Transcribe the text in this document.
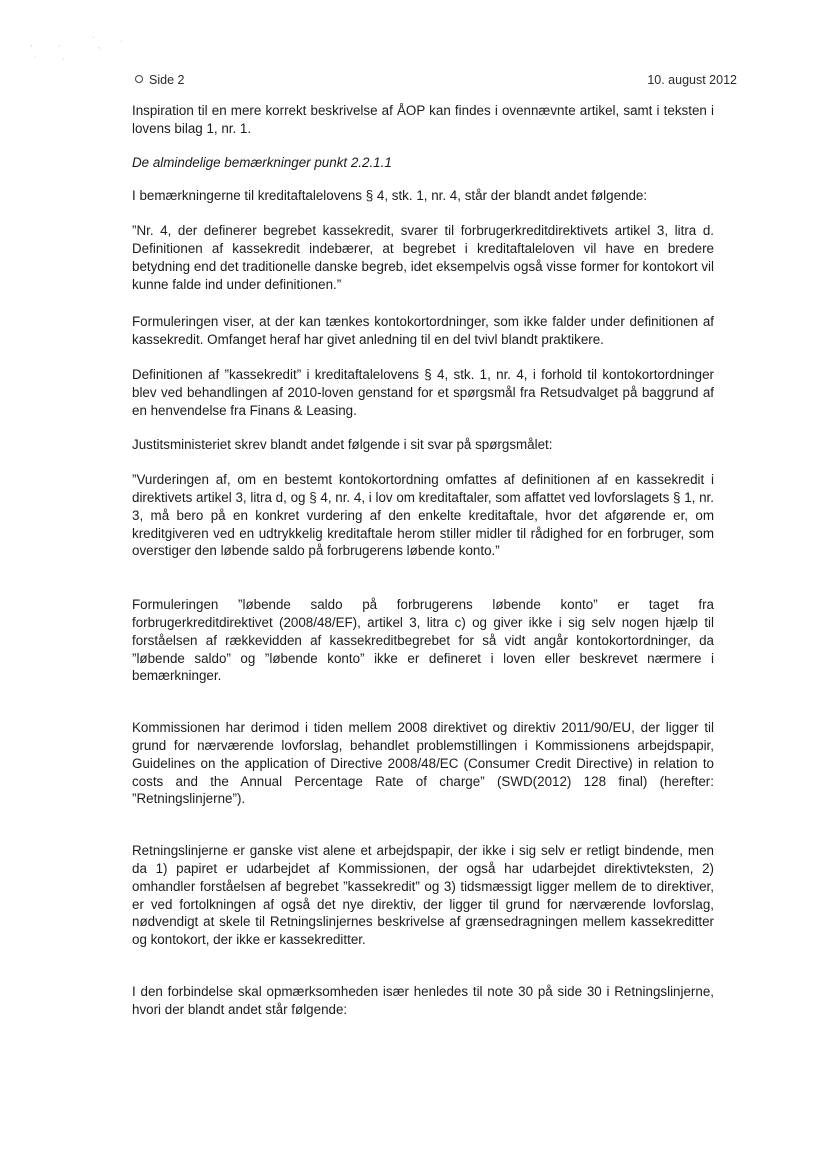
ˊ
·
ˏ
·
·
ˎ
·
Side 2	10. august 2012

Inspiration til en mere korrekt beskrivelse af ÅOP kan findes i ovennævnte artikel, samt i teksten i lovens bilag 1, nr. 1.

De almindelige bemærkninger punkt 2.2.1.1

I bemærkningerne til kreditaftalelovens § 4, stk. 1, nr. 4, står der blandt andet følgende:

”Nr. 4, der definerer begrebet kassekredit, svarer til forbrugerkreditdirektivets artikel 3, litra d. Definitionen af kassekredit indebærer, at begrebet i kreditaftaleloven vil have en bredere betydning end det traditionelle danske begreb, idet eksempelvis også visse former for kontokort vil kunne falde ind under definitionen.”

Formuleringen viser, at der kan tænkes kontokortordninger, som ikke falder under definitionen af kassekredit. Omfanget heraf har givet anledning til en del tvivl blandt praktikere.

Definitionen af ”kassekredit” i kreditaftalelovens § 4, stk. 1, nr. 4, i forhold til kontokortordninger blev ved behandlingen af 2010-loven genstand for et spørgsmål fra Retsudvalget på baggrund af en henvendelse fra Finans & Leasing.

Justitsministeriet skrev blandt andet følgende i sit svar på spørgsmålet:

”Vurderingen af, om en bestemt kontokortordning omfattes af definitionen af en kassekredit i direktivets artikel 3, litra d, og § 4, nr. 4, i lov om kreditaftaler, som affattet ved lovforslagets § 1, nr. 3, må bero på en konkret vurdering af den enkelte kreditaftale, hvor det afgørende er, om kreditgiveren ved en udtrykkelig kreditaftale herom stiller midler til rådighed for en forbruger, som overstiger den løbende saldo på forbrugerens løbende konto.”

Formuleringen ”løbende saldo på forbrugerens løbende konto” er taget fra forbrugerkreditdirektivet (2008/48/EF), artikel 3, litra c) og giver ikke i sig selv nogen hjælp til forståelsen af rækkevidden af kassekreditbegrebet for så vidt angår kontokortordninger, da ”løbende saldo” og ”løbende konto” ikke er defineret i loven eller beskrevet nærmere i bemærkninger.

Kommissionen har derimod i tiden mellem 2008 direktivet og direktiv 2011/90/EU, der ligger til grund for nærværende lovforslag, behandlet problemstillingen i Kommissionens arbejdspapir, Guidelines on the application of Directive 2008/48/EC (Consumer Credit Directive) in relation to costs and the Annual Percentage Rate of charge” (SWD(2012) 128 final) (herefter: ”Retningslinjerne”).

Retningslinjerne er ganske vist alene et arbejdspapir, der ikke i sig selv er retligt bindende, men da 1) papiret er udarbejdet af Kommissionen, der også har udarbejdet direktivteksten, 2) omhandler forståelsen af begrebet ”kassekredit” og 3) tidsmæssigt ligger mellem de to direktiver, er ved fortolkningen af også det nye direktiv, der ligger til grund for nærværende lovforslag, nødvendigt at skele til Retningslinjernes beskrivelse af grænsedragningen mellem kassekreditter og kontokort, der ikke er kassekreditter.

I den forbindelse skal opmærksomheden især henledes til note 30 på side 30 i Retningslinjerne, hvori der blandt andet står følgende:
